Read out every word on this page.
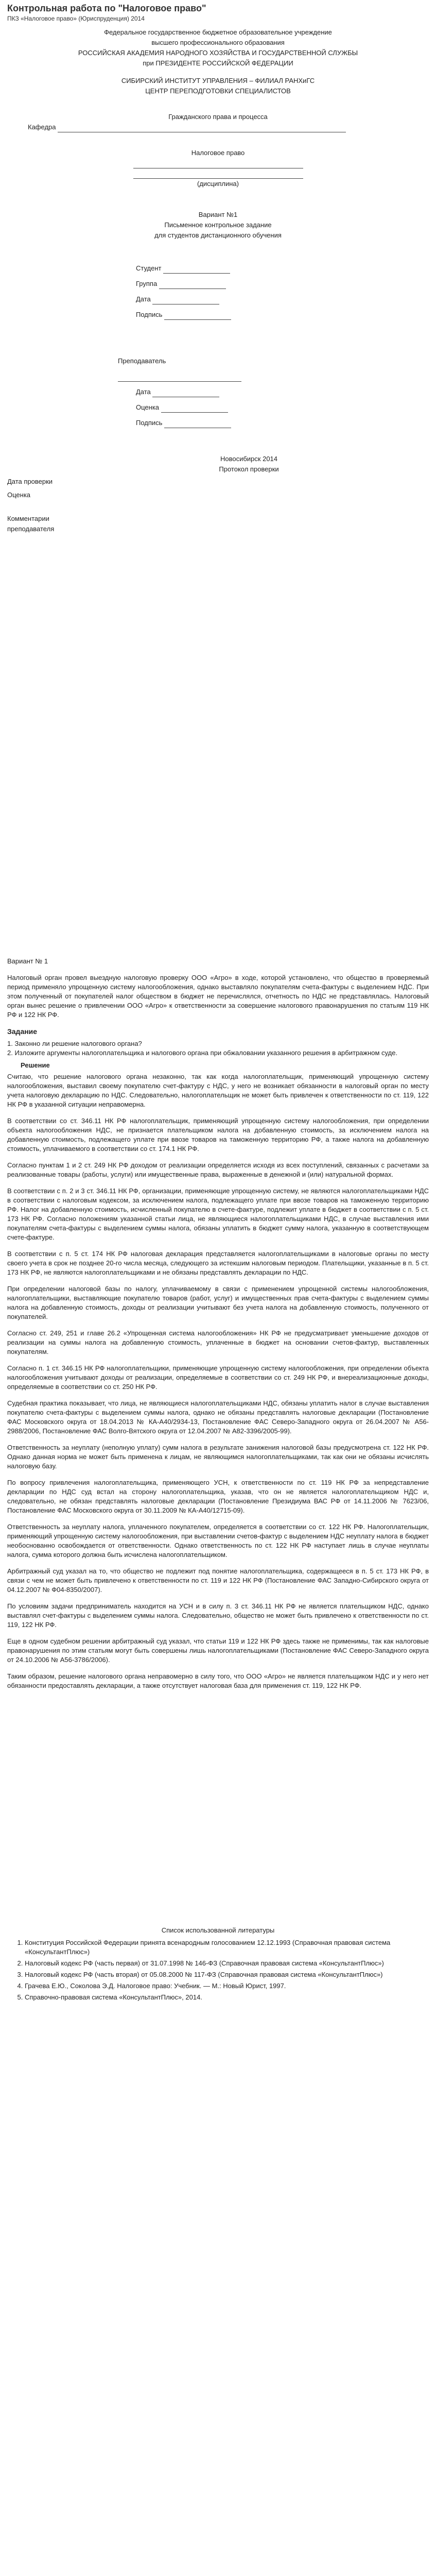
Контрольная работа по "Налоговое право"
ПКЗ «Налоговое право» (Юриспруденция) 2014
Федеральное государственное бюджетное образовательное учреждение
высшего профессионального образования
РОССИЙСКАЯ АКАДЕМИЯ НАРОДНОГО ХОЗЯЙСТВА И ГОСУДАРСТВЕННОЙ СЛУЖБЫ
при ПРЕЗИДЕНТЕ РОССИЙСКОЙ ФЕДЕРАЦИИ
СИБИРСКИЙ ИНСТИТУТ УПРАВЛЕНИЯ – ФИЛИАЛ РАНХиГС
ЦЕНТР ПЕРЕПОДГОТОВКИ СПЕЦИАЛИСТОВ
Гражданского права и процесса
Кафедра
Налоговое право
(дисциплина)
Вариант №1
Письменное контрольное задание
для студентов дистанционного обучения
Студент
Группа
Дата
Подпись
Преподаватель
Дата
Оценка
Подпись
Новосибирск 2014
Протокол проверки
Дата проверки
Оценка
Комментарии
преподавателя

Вариант № 1

Налоговый орган провел выездную налоговую проверку ООО «Агро» в ходе, которой установлено, что общество в проверяемый период применяло упрощенную систему налогообложения, однако выставляло покупателям счета-фактуры с выделением НДС. При этом полученный от покупателей налог обществом в бюджет не перечислялся, отчетность по НДС не представлялась. Налоговый орган вынес решение о привлечении ООО «Агро» к ответственности за совершение налогового правонарушения по статьям 119 НК РФ и 122 НК РФ.

Задание
1. Законно ли решение налогового органа?
2. Изложите аргументы налогоплательщика и налогового органа при обжаловании указанного решения в арбитражном суде.
Решение

Считаю, что решение налогового органа незаконно, так как когда налогоплательщик, применяющий упрощенную систему налогообложения, выставил своему покупателю счет-фактуру с НДС, у него не возникает обязанности в налоговый орган по месту учета налоговую декларацию по НДС. Следовательно, налогоплательщик не может быть привлечен к ответственности по ст. 119, 122 НК РФ в указанной ситуации неправомерна.

В соответствии со ст. 346.11 НК РФ налогоплательщик, применяющий упрощенную систему налогообложения, при определении объекта налогообложения НДС, не признается плательщиком налога на добавленную стоимость, за исключением налога на добавленную стоимость, подлежащего уплате при ввозе товаров на таможенную территорию РФ, а также налога на добавленную стоимость, уплачиваемого в соответствии со ст. 174.1 НК РФ.

Согласно пунктам 1 и 2 ст. 249 НК РФ доходом от реализации определяется исходя из всех поступлений, связанных с расчетами за реализованные товары (работы, услуги) или имущественные права, выраженные в денежной и (или) натуральной формах.

В соответствии с п. 2 и 3 ст. 346.11 НК РФ, организации, применяющие упрощенную систему, не являются налогоплательщиками НДС в соответствии с налоговым кодексом, за исключением налога, подлежащего уплате при ввозе товаров на таможенную территорию РФ. Налог на добавленную стоимость, исчисленный покупателю в счете-фактуре, подлежит уплате в бюджет в соответствии с п. 5 ст. 173 НК РФ. Согласно положениям указанной статьи лица, не являющиеся налогоплательщиками НДС, в случае выставления ими покупателям счета-фактуры с выделением суммы налога, обязаны уплатить в бюджет сумму налога, указанную в соответствующем счете-фактуре.

В соответствии с п. 5 ст. 174 НК РФ налоговая декларация представляется налогоплательщиками в налоговые органы по месту своего учета в срок не позднее 20-го числа месяца, следующего за истекшим налоговым периодом. Плательщики, указанные в п. 5 ст. 173 НК РФ, не являются налогоплательщиками и не обязаны представлять декларации по НДС.

При определении налоговой базы по налогу, уплачиваемому в связи с применением упрощенной системы налогообложения, налогоплательщики, выставляющие покупателю товаров (работ, услуг) и имущественных прав счета-фактуры с выделением суммы налога на добавленную стоимость, доходы от реализации учитывают без учета налога на добавленную стоимость, полученного от покупателей.

Согласно ст. 249, 251 и главе 26.2 «Упрощенная система налогообложения» НК РФ не предусматривает уменьшение доходов от реализации на суммы налога на добавленную стоимость, уплаченные в бюджет на основании счетов-фактур, выставленных покупателям.

Согласно п. 1 ст. 346.15 НК РФ налогоплательщики, применяющие упрощенную систему налогообложения, при определении объекта налогообложения учитывают доходы от реализации, определяемые в соответствии со ст. 249 НК РФ, и внереализационные доходы, определяемые в соответствии со ст. 250 НК РФ.

Судебная практика показывает, что лица, не являющиеся налогоплательщиками НДС, обязаны уплатить налог в случае выставления покупателю счета-фактуры с выделением суммы налога, однако не обязаны представлять налоговые декларации (Постановление ФАС Московского округа от 18.04.2013 № КА-А40/2934-13, Постановление ФАС Северо-Западного округа от 26.04.2007 № А56-2988/2006, Постановление ФАС Волго-Вятского округа от 12.04.2007 № А82-3396/2005-99).

Ответственность за неуплату (неполную уплату) сумм налога в результате занижения налоговой базы предусмотрена ст. 122 НК РФ. Однако данная норма не может быть применена к лицам, не являющимся налогоплательщиками, так как они не обязаны исчислять налоговую базу.

По вопросу привлечения налогоплательщика, применяющего УСН, к ответственности по ст. 119 НК РФ за непредставление декларации по НДС суд встал на сторону налогоплательщика, указав, что он не является налогоплательщиком НДС и, следовательно, не обязан представлять налоговые декларации (Постановление Президиума ВАС РФ от 14.11.2006 № 7623/06, Постановление ФАС Московского округа от 30.11.2009 № КА-А40/12715-09).

Ответственность за неуплату налога, уплаченного покупателем, определяется в соответствии со ст. 122 НК РФ. Налогоплательщик, применяющий упрощенную систему налогообложения, при выставлении счетов-фактур с выделением НДС неуплату налога в бюджет необоснованно освобождается от ответственности. Однако ответственность по ст. 122 НК РФ наступает лишь в случае неуплаты налога, сумма которого должна быть исчислена налогоплательщиком.

Арбитражный суд указал на то, что общество не подлежит под понятие налогоплательщика, содержащееся в п. 5 ст. 173 НК РФ, в связи с чем не может быть привлечено к ответственности по ст. 119 и 122 НК РФ (Постановление ФАС Западно-Сибирского округа от 04.12.2007 № Ф04-8350/2007).

По условиям задачи предприниматель находится на УСН и в силу п. 3 ст. 346.11 НК РФ не является плательщиком НДС, однако выставлял счет-фактуры с выделением суммы налога. Следовательно, общество не может быть привлечено к ответственности по ст. 119, 122 НК РФ.

Еще в одном судебном решении арбитражный суд указал, что статьи 119 и 122 НК РФ здесь также не применимы, так как налоговые правонарушения по этим статьям могут быть совершены лишь налогоплательщиками (Постановление ФАС Северо-Западного округа от 24.10.2006 № А56-3786/2006).

Таким образом, решение налогового органа неправомерно в силу того, что ООО «Агро» не является плательщиком НДС и у него нет обязанности предоставлять декларации, а также отсутствует налоговая база для применения ст. 119, 122 НК РФ.

Список использованной литературы
1. Конституция Российской Федерации принята всенародным голосованием 12.12.1993 (Справочная правовая система «КонсультантПлюс»)
2. Налоговый кодекс РФ (часть первая) от 31.07.1998 № 146-ФЗ (Справочная правовая система «КонсультантПлюс»)
3. Налоговый кодекс РФ (часть вторая) от 05.08.2000 № 117-ФЗ (Справочная правовая система «КонсультантПлюс»)
4. Грачева Е.Ю., Соколова Э.Д. Налоговое право: Учебник. — М.: Новый Юрист, 1997.
5. Справочно-правовая система «КонсультантПлюс», 2014.
